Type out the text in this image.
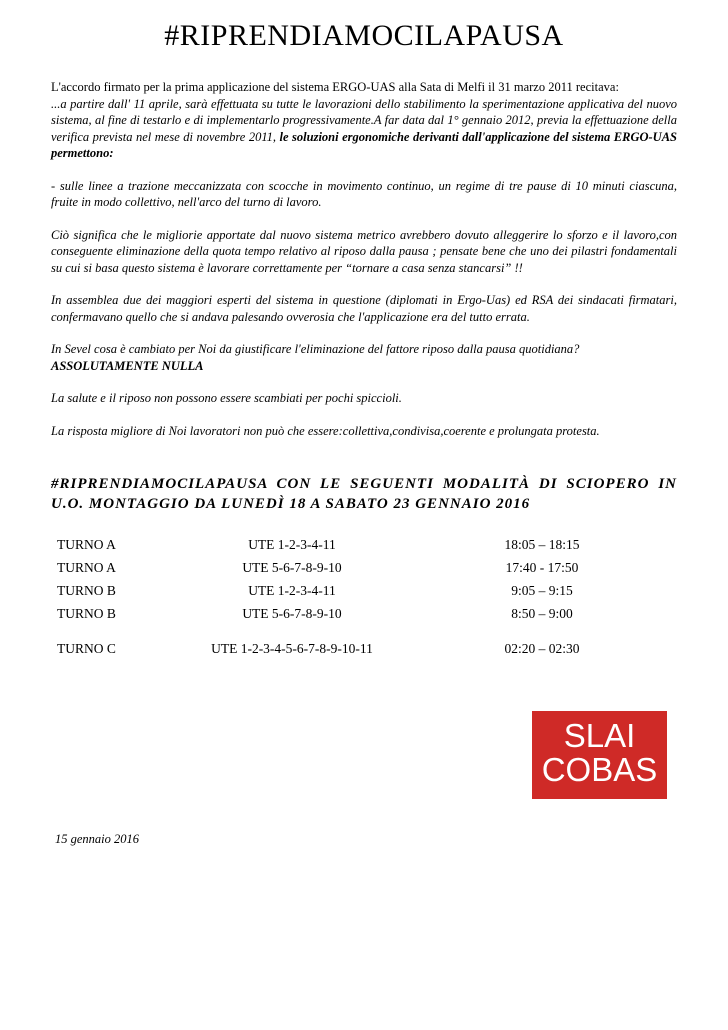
#RIPRENDIAMOCILAPAUSA

L'accordo firmato per la prima applicazione del sistema ERGO-UAS alla Sata di Melfi il 31 marzo 2011 recitava:

...a partire dall' 11 aprile, sarà effettuata su tutte le lavorazioni dello stabilimento la sperimentazione applicativa del nuovo sistema, al fine di testarlo e di implementarlo progressivamente.A far data dal 1° gennaio 2012, previa la effettuazione della verifica prevista nel mese di novembre 2011, le soluzioni ergonomiche derivanti dall'applicazione del sistema ERGO-UAS permettono:

- sulle linee a trazione meccanizzata con scocche in movimento continuo, un regime di tre pause di 10 minuti ciascuna, fruite in modo collettivo, nell'arco del turno di lavoro.

Ciò significa che le migliorie apportate dal nuovo sistema metrico avrebbero dovuto alleggerire lo sforzo e il lavoro,con conseguente eliminazione della quota tempo relativo al riposo dalla pausa ; pensate bene che uno dei pilastri fondamentali su cui si basa questo sistema è lavorare correttamente per “tornare a casa senza stancarsi” !!

In assemblea due dei maggiori esperti del sistema in questione (diplomati in Ergo-Uas) ed RSA dei sindacati firmatari, confermavano quello che si andava palesando ovverosia che l'applicazione era del tutto errata.

In Sevel cosa è cambiato per Noi da giustificare l'eliminazione del fattore riposo dalla pausa quotidiana?
ASSOLUTAMENTE NULLA

La salute e il riposo non possono essere scambiati per pochi spiccioli.

La risposta migliore di Noi lavoratori non può che essere:collettiva,condivisa,coerente e prolungata protesta.

#RIPRENDIAMOCILAPAUSA CON LE SEGUENTI MODALITÀ DI SCIOPERO IN U.O. MONTAGGIO DA LUNEDÌ 18 A SABATO 23 GENNAIO 2016
TURNO A	UTE 1-2-3-4-11	18:05 – 18:15
TURNO A	UTE 5-6-7-8-9-10	17:40 - 17:50
TURNO B	UTE 1-2-3-4-11	9:05 – 9:15
TURNO B	UTE 5-6-7-8-9-10	8:50 – 9:00

TURNO C	UTE 1-2-3-4-5-6-7-8-9-10-11	02:20 – 02:30
SLAI
COBAS
15 gennaio 2016
